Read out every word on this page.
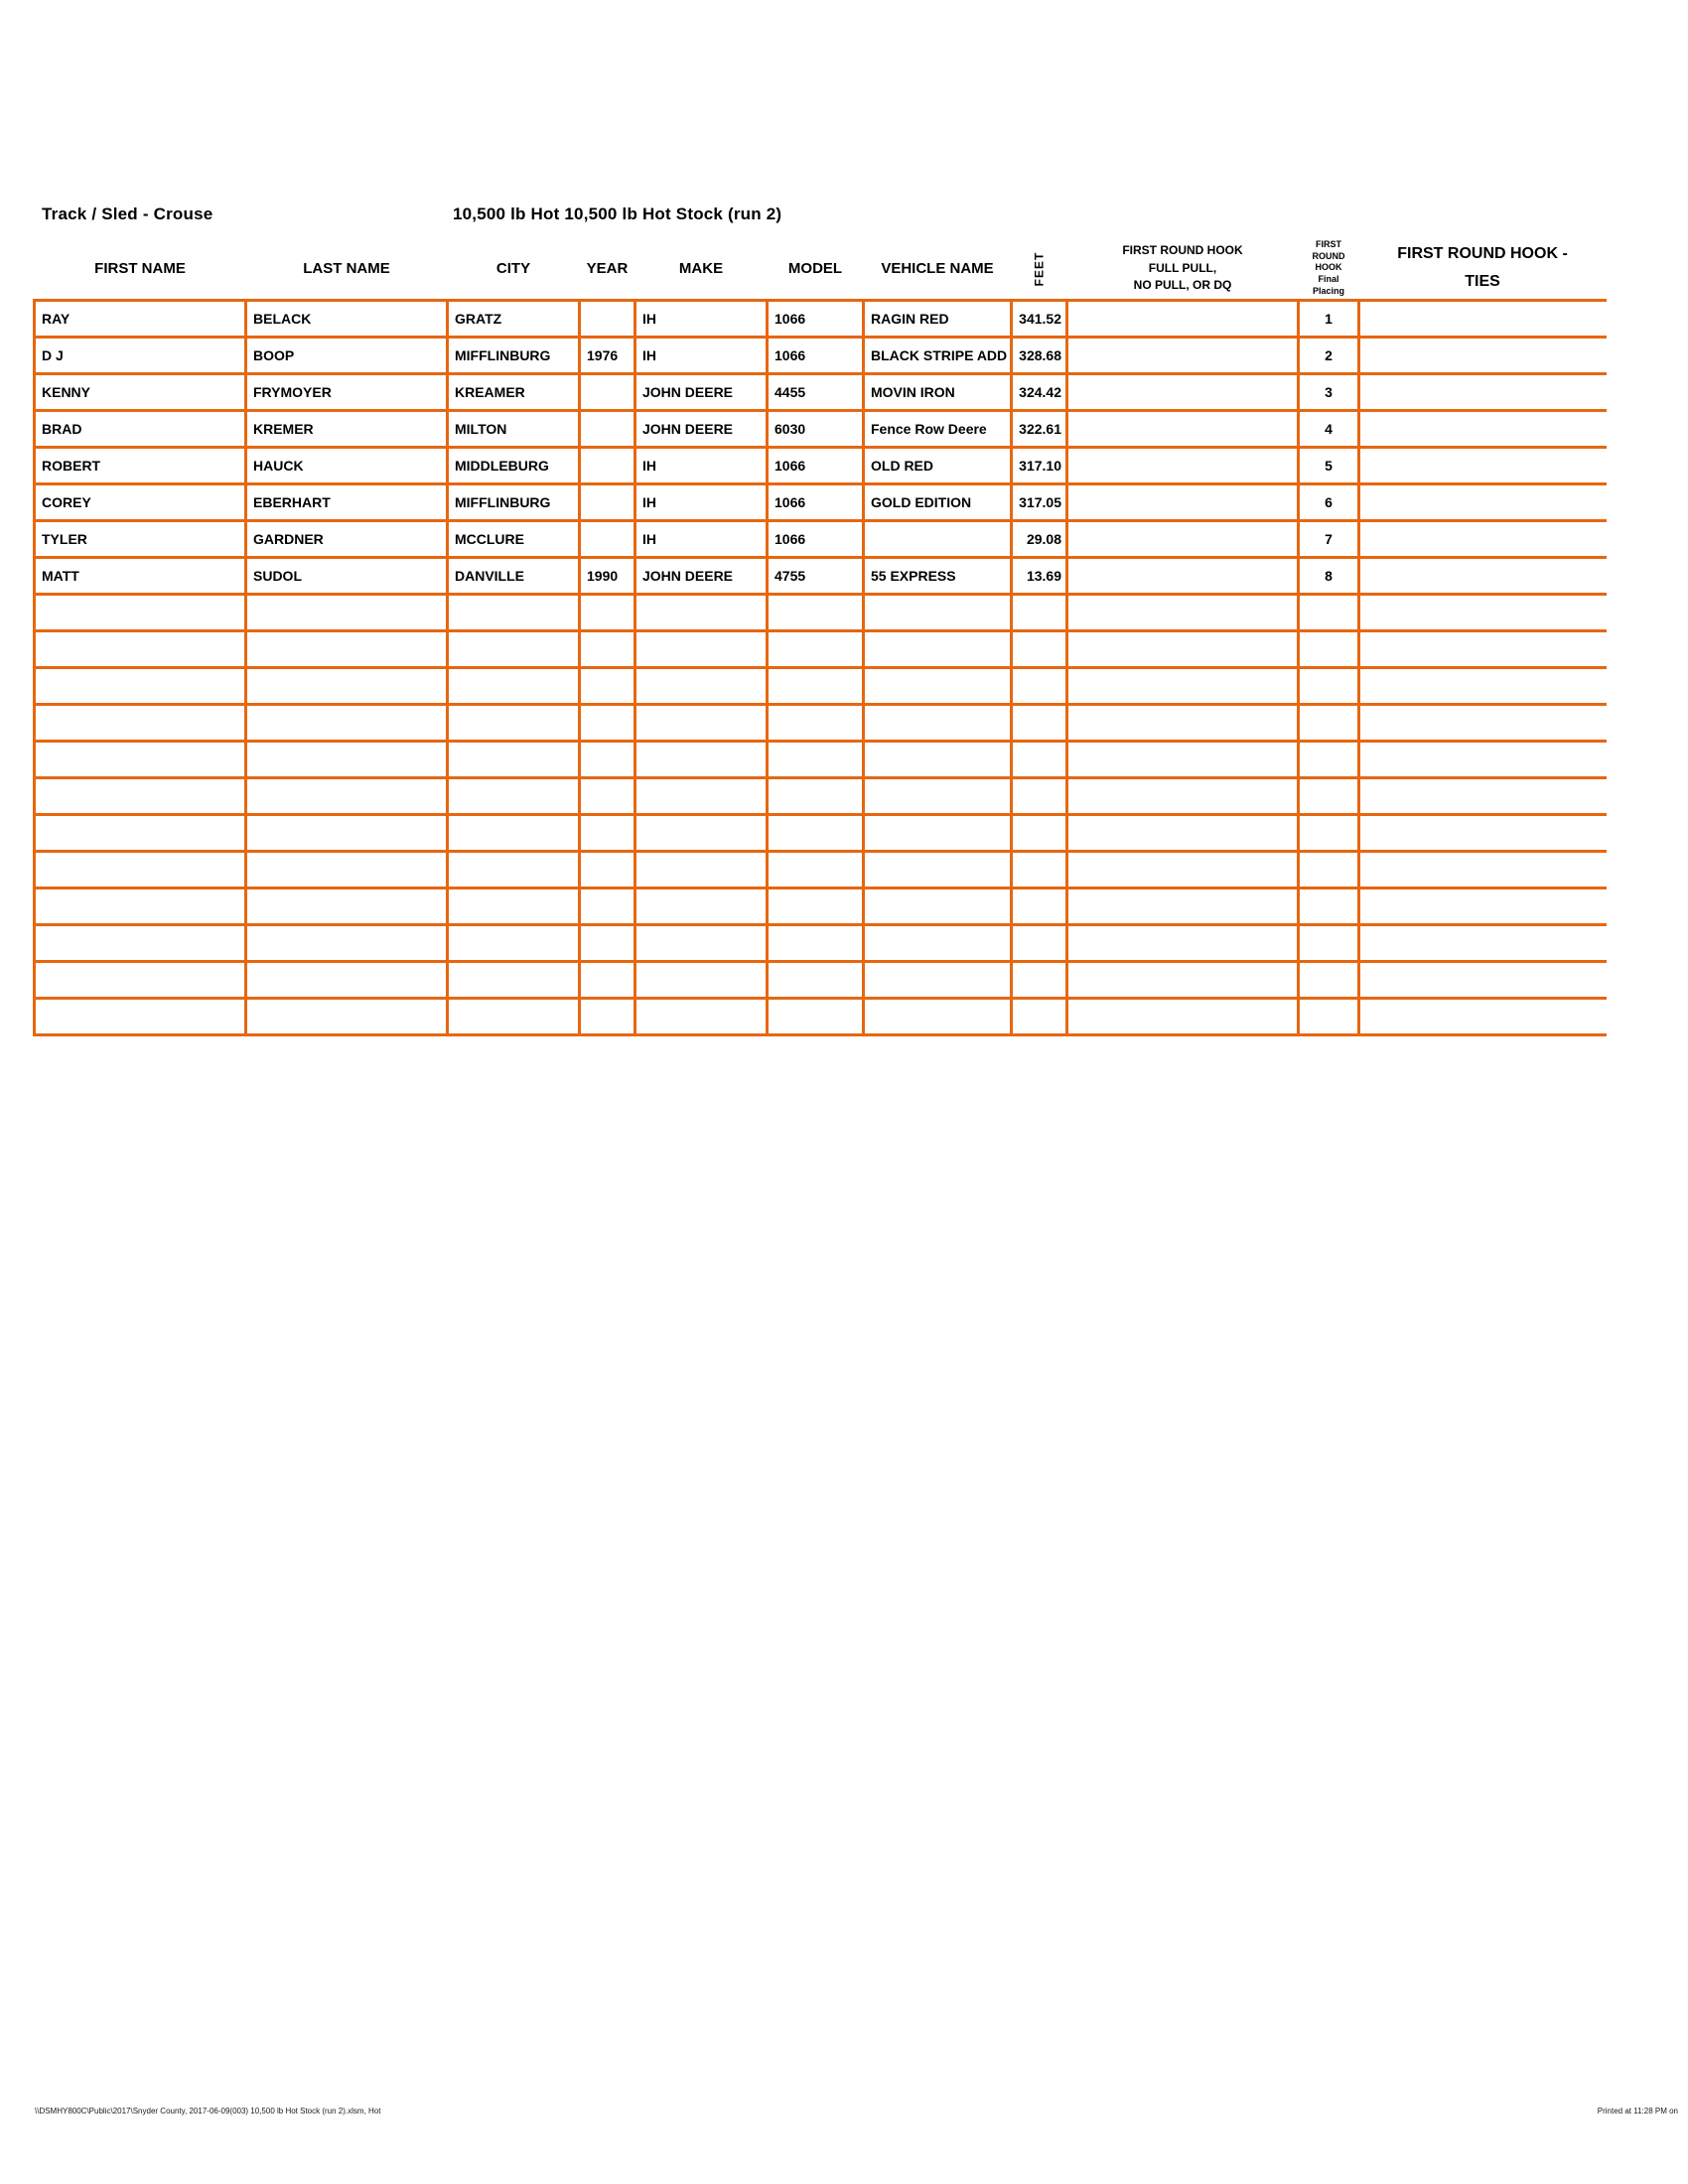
Track / Sled - Crouse	10,500 lb Hot 10,500 lb Hot Stock (run 2)
FIRST NAME	LAST NAME	CITY	YEAR	MAKE	MODEL	VEHICLE NAME	FEET	FIRST ROUND HOOK
FULL PULL,
NO PULL, OR DQ	FIRST
ROUND
HOOK
Final
Placing	FIRST ROUND HOOK -
TIES
RAY	BELACK	GRATZ		IH	1066	RAGIN RED	341.52		1	
D J	BOOP	MIFFLINBURG	1976	IH	1066	BLACK STRIPE ADD	328.68		2	
KENNY	FRYMOYER	KREAMER		JOHN DEERE	4455	MOVIN IRON	324.42		3	
BRAD	KREMER	MILTON		JOHN DEERE	6030	Fence Row Deere	322.61		4	
ROBERT	HAUCK	MIDDLEBURG		IH	1066	OLD RED	317.10		5	
COREY	EBERHART	MIFFLINBURG		IH	1066	GOLD EDITION	317.05		6	
TYLER	GARDNER	MCCLURE		IH	1066		29.08		7	
MATT	SUDOL	DANVILLE	1990	JOHN DEERE	4755	55 EXPRESS	13.69		8	

\\DSMHY800C\Public\2017\Snyder County, 2017-06-09(003) 10,500 lb Hot Stock (run 2).xlsm, Hot	Printed at 11:28 PM on
